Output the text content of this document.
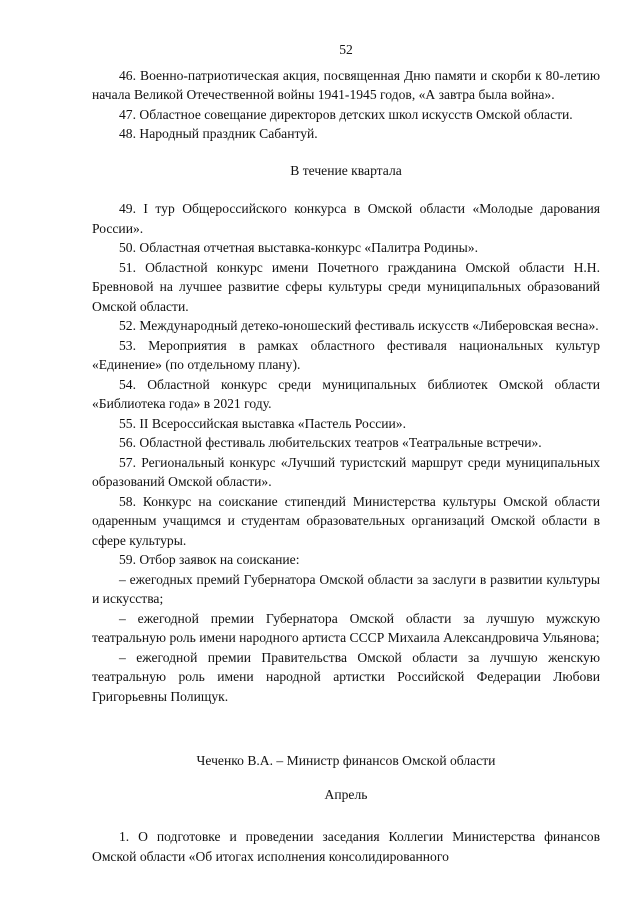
52

46. Военно-патриотическая акция, посвященная Дню памяти и скорби к 80-летию начала Великой Отечественной войны 1941-1945 годов, «А завтра была война».

47. Областное совещание директоров детских школ искусств Омской области.

48. Народный праздник Сабантуй.

В течение квартала

49. I тур Общероссийского конкурса в Омской области «Молодые дарования России».

50. Областная отчетная выставка-конкурс «Палитра Родины».

51. Областной конкурс имени Почетного гражданина Омской области Н.Н. Бревновой на лучшее развитие сферы культуры среди муниципальных образований Омской области.

52. Международный детеко-юношеский фестиваль искусств «Либеровская весна».

53. Мероприятия в рамках областного фестиваля национальных культур «Единение» (по отдельному плану).

54. Областной конкурс среди муниципальных библиотек Омской области «Библиотека года» в 2021 году.

55. II Всероссийская выставка «Пастель России».

56. Областной фестиваль любительских театров «Театральные встречи».

57. Региональный конкурс «Лучший туристский маршрут среди муниципальных образований Омской области».

58. Конкурс на соискание стипендий Министерства культуры Омской области одаренным учащимся и студентам образовательных организаций Омской области в сфере культуры.

59. Отбор заявок на соискание:

– ежегодных премий Губернатора Омской области за заслуги в развитии культуры и искусства;

– ежегодной премии Губернатора Омской области за лучшую мужскую театральную роль имени народного артиста СССР Михаила Александровича Ульянова;

– ежегодной премии Правительства Омской области за лучшую женскую театральную роль имени народной артистки Российской Федерации Любови Григорьевны Полищук.

Чеченко В.А. – Министр финансов Омской области

Апрель

1. О подготовке и проведении заседания Коллегии Министерства финансов Омской области «Об итогах исполнения консолидированного
